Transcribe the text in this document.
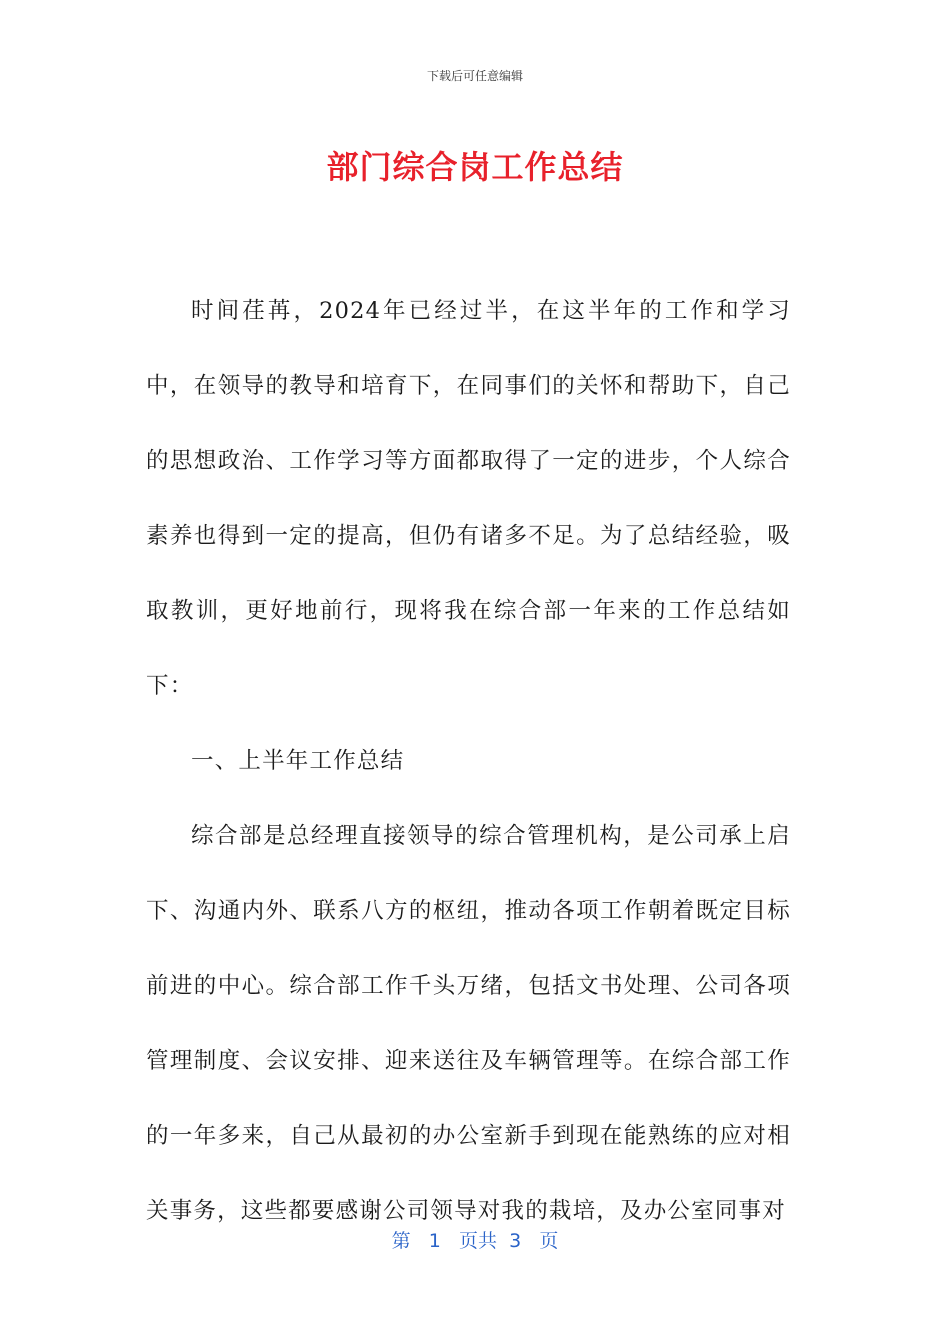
下载后可任意编辑
部门综合岗工作总结

时间荏苒，2024年已经过半，在这半年的工作和学习中，在领导的教导和培育下，在同事们的关怀和帮助下，自己的思想政治、工作学习等方面都取得了一定的进步，个人综合素养也得到一定的提高，但仍有诸多不足。为了总结经验，吸取教训，更好地前行，现将我在综合部一年来的工作总结如下：

一、上半年工作总结

综合部是总经理直接领导的综合管理机构，是公司承上启下、沟通内外、联系八方的枢纽，推动各项工作朝着既定目标前进的中心。综合部工作千头万绪，包括文书处理、公司各项管理制度、会议安排、迎来送往及车辆管理等。在综合部工作的一年多来，自己从最初的办公室新手到现在能熟练的应对相关事务，这些都要感谢公司领导对我的栽培，及办公室同事对

第 1 页共 3 页
